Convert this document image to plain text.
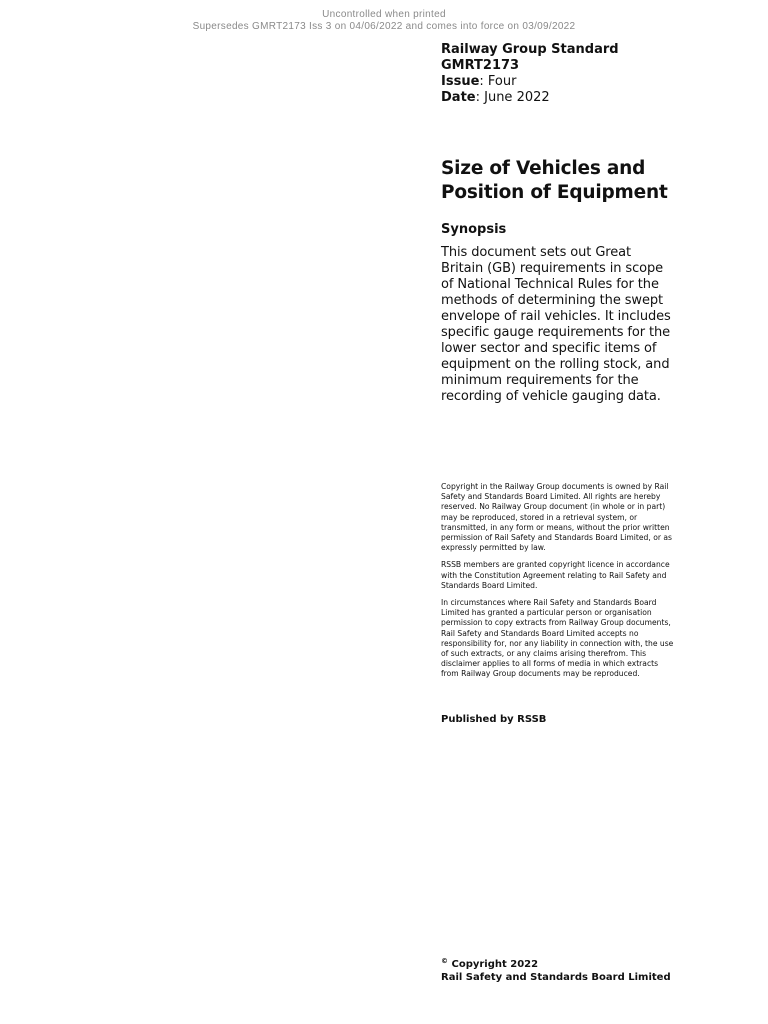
Uncontrolled when printed
Supersedes GMRT2173 Iss 3 on 04/06/2022 and comes into force on 03/09/2022
Railway Group Standard
GMRT2173
Issue: Four
Date: June 2022
Size of Vehicles and
Position of Equipment
Synopsis
This document sets out Great Britain (GB) requirements in scope of National Technical Rules for the methods of determining the swept envelope of rail vehicles. It includes specific gauge requirements for the lower sector and specific items of equipment on the rolling stock, and minimum requirements for the recording of vehicle gauging data.

Copyright in the Railway Group documents is owned by Rail Safety and Standards Board Limited. All rights are hereby reserved. No Railway Group document (in whole or in part) may be reproduced, stored in a retrieval system, or transmitted, in any form or means, without the prior written permission of Rail Safety and Standards Board Limited, or as expressly permitted by law.

RSSB members are granted copyright licence in accordance with the Constitution Agreement relating to Rail Safety and Standards Board Limited.

In circumstances where Rail Safety and Standards Board Limited has granted a particular person or organisation permission to copy extracts from Railway Group documents, Rail Safety and Standards Board Limited accepts no responsibility for, nor any liability in connection with, the use of such extracts, or any claims arising therefrom. This disclaimer applies to all forms of media in which extracts from Railway Group documents may be reproduced.

Published by RSSB
© Copyright 2022
Rail Safety and Standards Board Limited
